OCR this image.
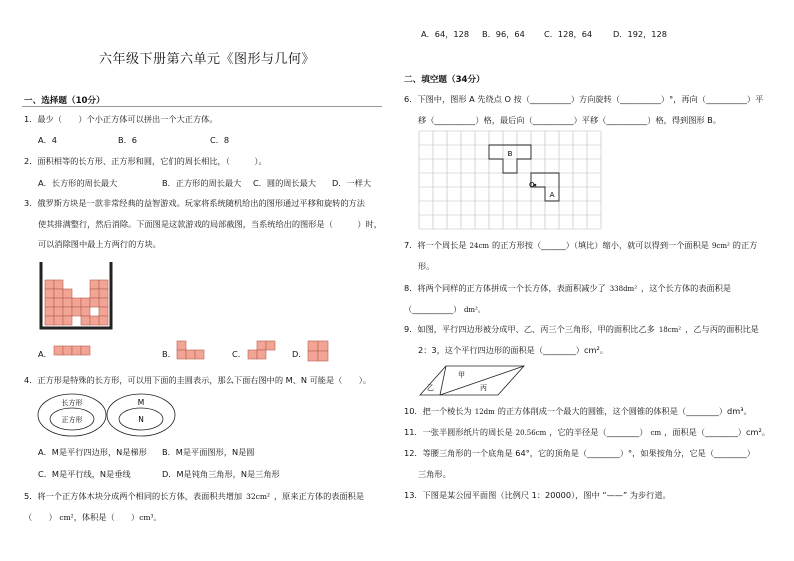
A．64，128 B．96，64 C．128，64	D．192，128
六年级下册第六单元《图形与几何》
一、选择题（10分）
1．最少（　　）个小正方体可以拼出一个大正方体。
A．4	B．6	C．8
2．面积相等的长方形、正方形和圆，它们的周长相比，（　　　）。
A．长方形的周长最大	B．正方形的周长最大 C．圆的周长最大 D．一样大
3．俄罗斯方块是一款非常经典的益智游戏。玩家将系统随机给出的图形通过平移和旋转的方法
使其排满整行，然后消除。下面图是这款游戏的局部截图，当系统给出的图形是（　　　）时，
可以消除图中最上方两行的方块。
A．	B．	C．	D．
4．正方形是特殊的长方形，可以用下面的圭圆表示，那么下面右图中的 M、N 可能是（　　）。
长方形
正方形
M
N
A．M是平行四边形，N是梯形 B．M是平面图形，N是圆
C．M是平行线，N是垂线	D．M是钝角三角形，N是三角形
5．将一个正方体木块分成两个相同的长方体，表面积共增加 32cm² ，原来正方体的表面积是
（　　） cm²，体积是（　　）cm³。
二、填空题（34分）
6．下图中，图形 A 先绕点 O 按（__________）方向旋转（__________）°，再向（__________）平
移（__________）格，最后向（__________）平移（__________）格，得到图形 B。
B
A
O
7．将一个周长是 24cm 的正方形按（______）（填比）缩小，就可以得到一个面积是 9cm² 的正方
形。
8．将两个同样的正方体拼成一个长方体，表面积减少了 338dm² ，这个长方体的表面积是
（__________） dm²。
9．如图，平行四边形被分成甲、乙、丙三个三角形，甲的面积比乙多 18cm² ，乙与丙的面积比是
2：3，这个平行四边形的面积是（________）cm²。
甲
乙	丙
10．把一个棱长为 12dm 的正方体削成一个最大的圆锥，这个圆锥的体积是（________）dm³。
11．一张半圆形纸片的周长是 20.56cm ，它的半径是（________） cm ，面积是（________）cm²。
12．等腰三角形的一个底角是 64°，它的顶角是（________）°，如果按角分，它是（________）
三角形。
13．下图是某公园平面图（比例尺 1：20000），图中 “——” 为步行道。
